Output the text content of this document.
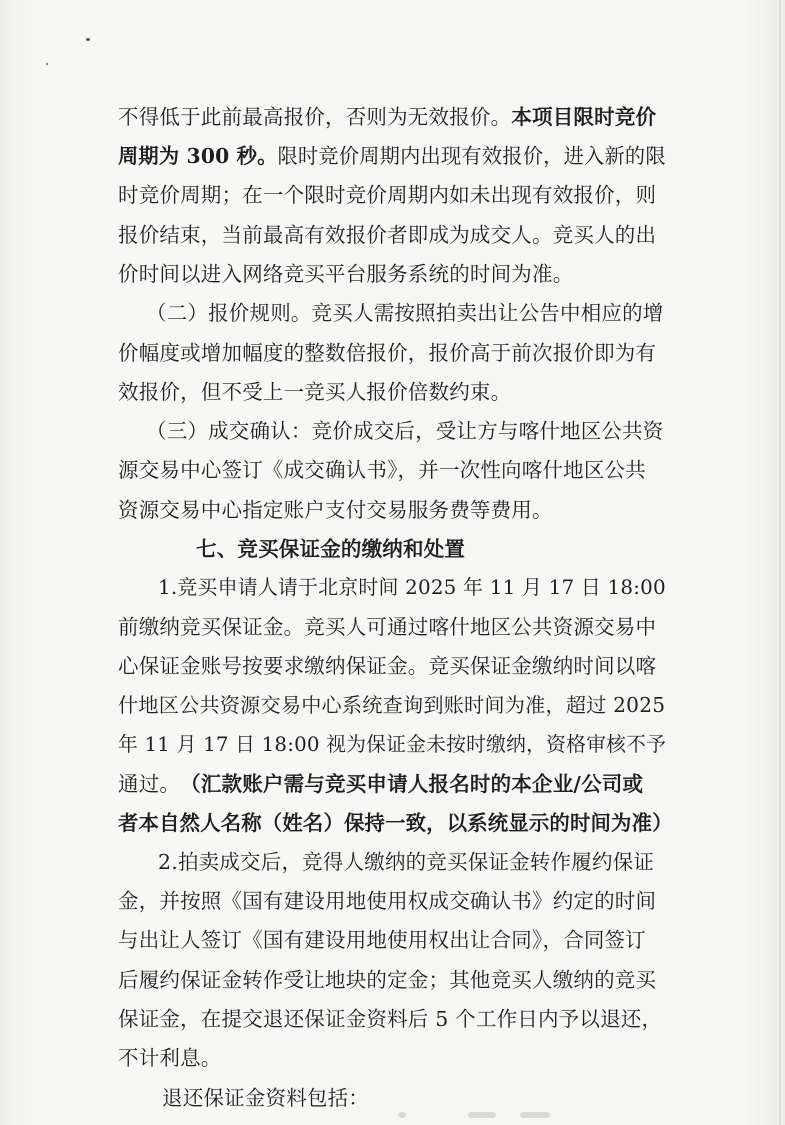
不得低于此前最高报价，否则为无效报价。本项目限时竞价
周期为 300 秒。限时竞价周期内出现有效报价，进入新的限
时竞价周期；在一个限时竞价周期内如未出现有效报价，则
报价结束，当前最高有效报价者即成为成交人。竞买人的出
价时间以进入网络竞买平台服务系统的时间为准。
（二）报价规则。竞买人需按照拍卖出让公告中相应的增
价幅度或增加幅度的整数倍报价，报价高于前次报价即为有
效报价，但不受上一竞买人报价倍数约束。
（三）成交确认：竞价成交后，受让方与喀什地区公共资
源交易中心签订《成交确认书》，并一次性向喀什地区公共
资源交易中心指定账户支付交易服务费等费用。
七、竞买保证金的缴纳和处置
1.竞买申请人请于北京时间 2025 年 11 月 17 日 18:00
前缴纳竞买保证金。竞买人可通过喀什地区公共资源交易中
心保证金账号按要求缴纳保证金。竞买保证金缴纳时间以喀
什地区公共资源交易中心系统查询到账时间为准，超过 2025
年 11 月 17 日 18:00 视为保证金未按时缴纳，资格审核不予
通过。（汇款账户需与竞买申请人报名时的本企业/公司或
者本自然人名称（姓名）保持一致，以系统显示的时间为准）
2.拍卖成交后，竞得人缴纳的竞买保证金转作履约保证
金，并按照《国有建设用地使用权成交确认书》约定的时间
与出让人签订《国有建设用地使用权出让合同》，合同签订
后履约保证金转作受让地块的定金；其他竞买人缴纳的竞买
保证金，在提交退还保证金资料后 5 个工作日内予以退还，
不计利息。
退还保证金资料包括：
